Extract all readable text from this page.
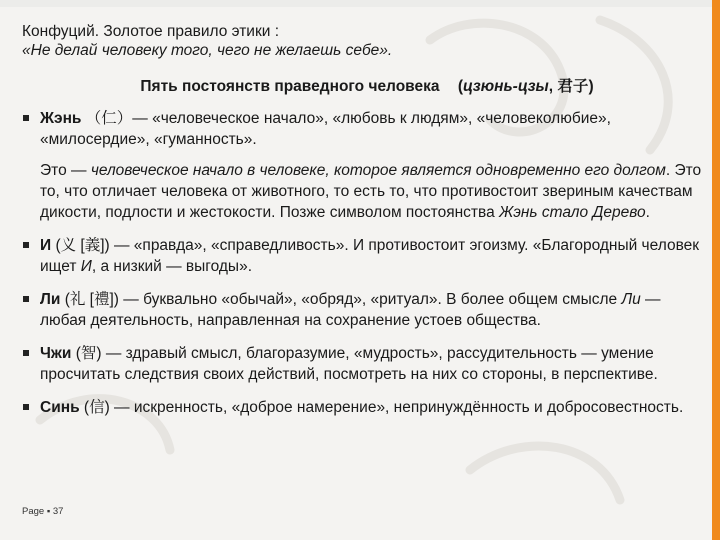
Конфуций. Золотое правило этики :

«Не делай человеку того, чего не желаешь себе».

Пять постоянств праведного человека (цзюнь-цзы, 君子)

Жэнь （仁）— «человеческое начало», «любовь к людям», «человеколюбие», «милосердие», «гуманность».
Это — человеческое начало в человеке, которое является одновременно его долгом. Это то, что отличает человека от животного, то есть то, что противостоит звериным качествам дикости, подлости и жестокости. Позже символом постоянства Жэнь стало Дерево.
И (义 [義]) — «правда», «справедливость». И противостоит эгоизму. «Благородный человек ищет И, а низкий — выгоды».
Ли (礼 [禮]) — буквально «обычай», «обряд», «ритуал». В более общем смысле Ли — любая деятельность, направленная на сохранение устоев общества.
Чжи (智) — здравый смысл, благоразумие, «мудрость», рассудительность — умение просчитать следствия своих действий, посмотреть на них со стороны, в перспективе.
Синь (信) — искренность, «доброе намерение», непринуждённость и добросовестность.
Page ▪ 37
